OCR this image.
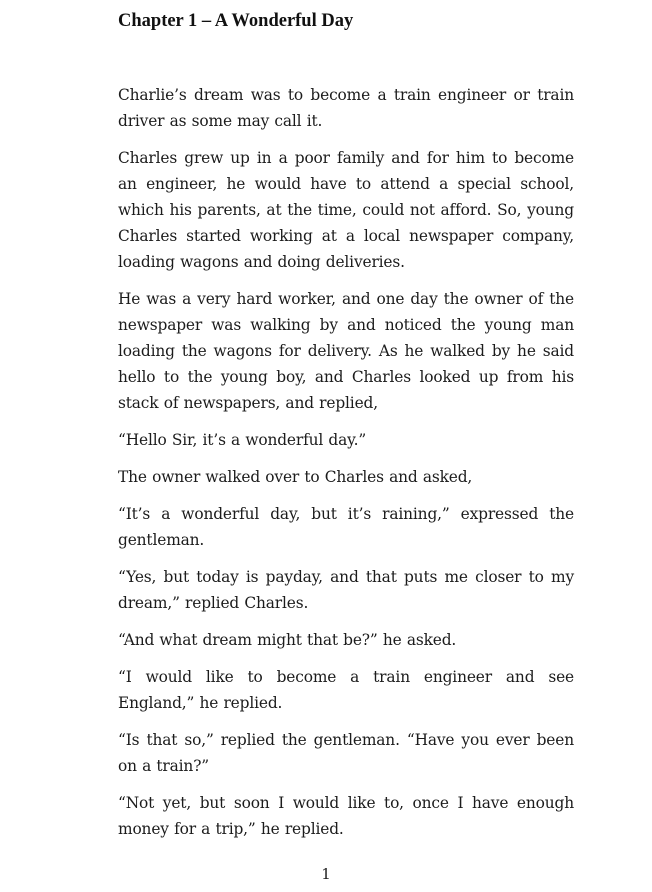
Chapter 1 – A Wonderful Day

Charlie’s dream was to become a train engineer or train driver as some may call it.

Charles grew up in a poor family and for him to become an engineer, he would have to attend a special school, which his parents, at the time, could not afford. So, young Charles started working at a local newspaper company, loading wagons and doing deliveries.

He was a very hard worker, and one day the owner of the newspaper was walking by and noticed the young man loading the wagons for delivery. As he walked by he said hello to the young boy, and Charles looked up from his stack of newspapers, and replied,

“Hello Sir, it’s a wonderful day.”

The owner walked over to Charles and asked,

“It’s a wonderful day, but it’s raining,” expressed the gentleman.

“Yes, but today is payday, and that puts me closer to my dream,” replied Charles.

“And what dream might that be?” he asked.

“I would like to become a train engineer and see England,” he replied.

“Is that so,” replied the gentleman. “Have you ever been on a train?”

“Not yet, but soon I would like to, once I have enough money for a trip,” he replied.

1
